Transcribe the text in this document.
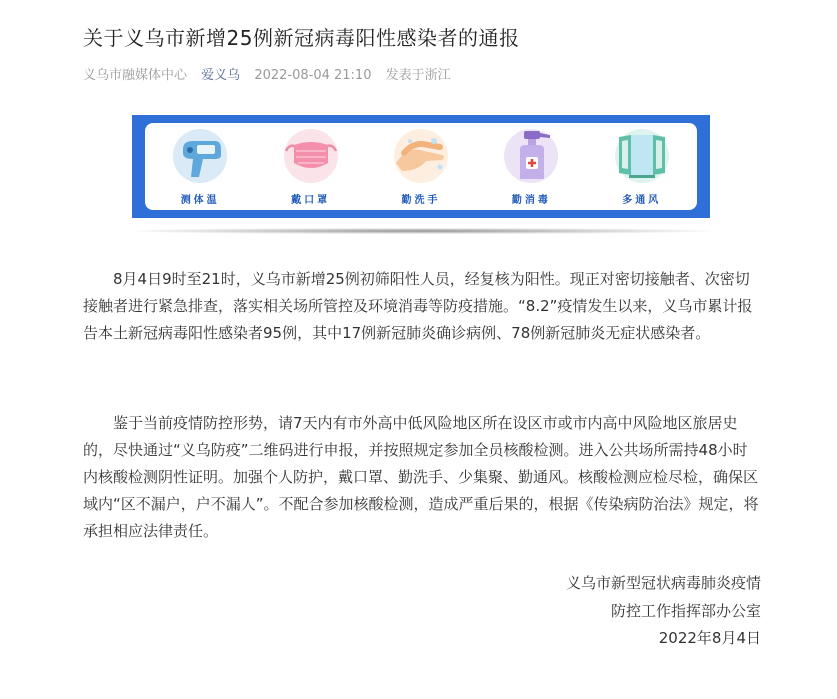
关于义乌市新增25例新冠病毒阳性感染者的通报
义乌市融媒体中心 爱义乌 2022-08-04 21:10 发表于浙江
测体温	戴口罩	勤洗手	勤消毒	多通风

8月4日9时至21时，义乌市新增25例初筛阳性人员，经复核为阳性。现正对密切接触者、次密切接触者进行紧急排查，落实相关场所管控及环境消毒等防疫措施。“8.2”疫情发生以来，义乌市累计报告本土新冠病毒阳性感染者95例，其中17例新冠肺炎确诊病例、78例新冠肺炎无症状感染者。

鉴于当前疫情防控形势，请7天内有市外高中低风险地区所在设区市或市内高中风险地区旅居史的，尽快通过“义乌防疫”二维码进行申报，并按照规定参加全员核酸检测。进入公共场所需持48小时内核酸检测阴性证明。加强个人防护，戴口罩、勤洗手、少集聚、勤通风。核酸检测应检尽检，确保区域内“区不漏户，户不漏人”。不配合参加核酸检测，造成严重后果的，根据《传染病防治法》规定，将承担相应法律责任。

义乌市新型冠状病毒肺炎疫情
防控工作指挥部办公室
2022年8月4日
